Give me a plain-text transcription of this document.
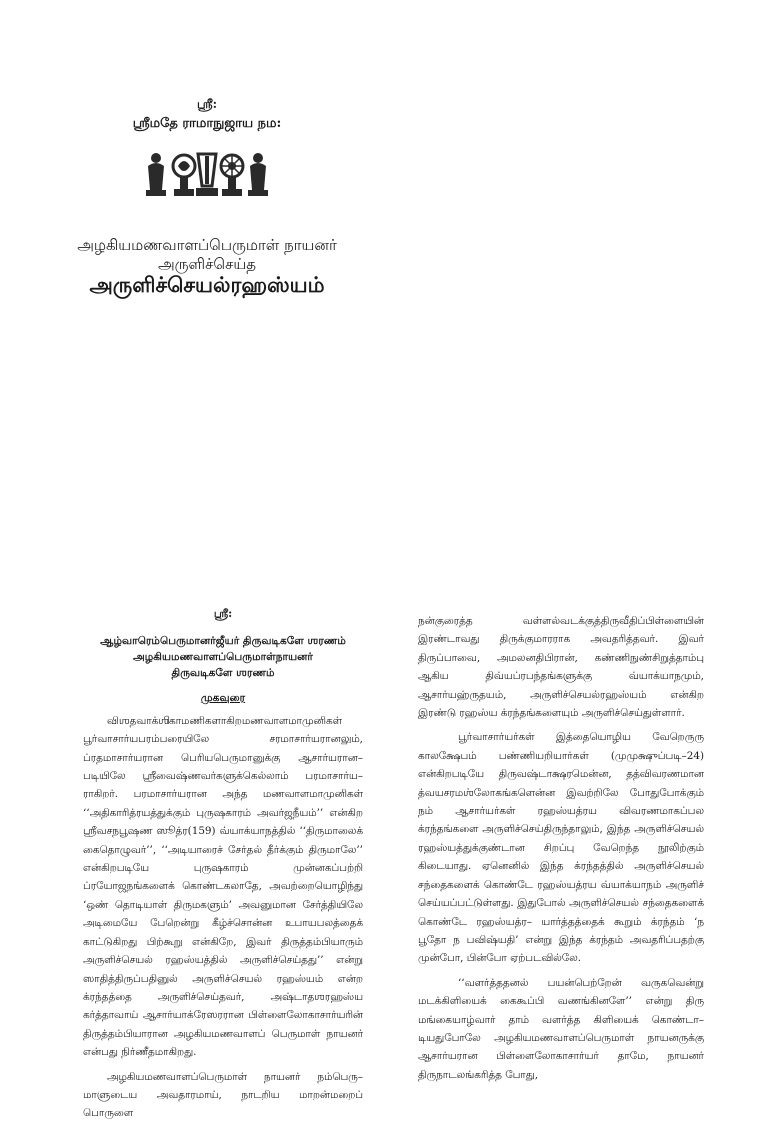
ஸ்ரீ:
ஸ்ரீமதே ராமாநுஜாய நம:
அழகியமணவாளப்பெருமாள் நாயனர்
அருளிச்செய்த
அருளிச்செயல்ரஹஸ்யம்
ஸ்ரீ:
ஆழ்வாரெம்பெருமானர்ஜீயர் திருவடிகளே ஶரணம்
அழகியமணவாளப்பெருமாள்நாயனர்
திருவடிகளே ஶரணம்
முகவுரை

விஶதவாக்ஶிகாமணிகளாகிறமணவாளமாமுனிகள் பூர்வாசார்யபரம்பரையிலே சரமாசார்யரானலும், ப்ரதமாசார்யரான பெரியபெருமானுக்கு ஆசார்யரான–படியிலே ஸ்ரீவைஷ்ணவர்களுக்கெல்லாம் பரமாசார்ய–ராகிறர். பரமாசார்யரான அந்த மணவாளமாமுனிகள் ‘‘அதிகாரித்ரயத்துக்கும் புருஷகாரம் அவர்ஜநீயம்’’ என்கிற ஸ்ரீவசநபூஷண ஸூத்ர(159) வ்யாக்யாநத்தில் ‘‘திருமாலைக் கைதொழுவர்’’, ‘‘அடியாரைச் சேர்தல் தீர்க்கும் திருமாலே’’ என்கிறபடியே புருஷகாரம் முன்னகப்பற்றி ப்ரயோஜநங்களைக் கொண்டகலாதே, அவற்றையொழிந்து ‘ஒண் தொடியாள் திருமகளும்’ அவனுமான சேர்த்தியிலே அடிமையே பேறென்று கீழ்ச்சொன்ன உபாயபலத்தைக் காட்டுகிறது பிற்கூறு என்கிறே, இவர் திருத்தம்பியாரும் அருளிச்செயல் ரஹஸ்யத்தில் அருளிச்செய்தது’’ என்று ஸாதித்திருப்பதினுல் அருளிச்செயல் ரஹஸ்யம் என்ற க்ரந்தத்தை அருளிச்செய்தவர், அஷ்டாதஶரஹஸ்ய கர்த்தாவாய் ஆசார்யாக்ரேஸரரான பிள்ளைலோகாசார்யரின் திருத்தம்பியாரான அழகியமணவாளப் பெருமாள் நாயனர் என்பது நிர்ணீதமாகிறது.

அழகியமணவாளப்பெருமாள் நாயனர் நம்பெரு–மாளுடைய அவதாரமாய், நாடறிய மாறன்மறைப் பொருளை

நன்குரைத்த வள்ளல்வடக்குத்திருவீதிப்பிள்ளையின் இரண்டாவது திருக்குமாரராக அவதரித்தவர். இவர் திருப்பாவை, அமலனதிபிரான், கண்ணிநுண்சிறுத்தாம்பு ஆகிய திவ்யப்ரபந்தங்களுக்கு வ்யாக்யாநமும், ஆசார்யஹ்ருதயம், அருளிச்செயல்ரஹஸ்யம் என்கிற இரண்டு ரஹஸ்ய க்ரந்தங்களையும் அருளிச்செய்துள்ளார்.

பூர்வாசார்யர்கள் இத்தையொழிய வேறெருரு காலக்ஷேபம் பண்ணியறியார்கள் (முமுக்ஷுப்படி–24) என்கிறபடியே திருவஷ்டாக்ஷரமென்ன, தத்விவரணமான த்வயசரமஶ்லோகங்களென்ன இவற்றிலே போதுபோக்கும் நம் ஆசார்யர்கள் ரஹஸ்யத்ரய விவரணமாகப்பல க்ரந்தங்களை அருளிச்செய்திருந்தாலும், இந்த அருளிச்செயல் ரஹஸ்யத்துக்குண்டான சிறப்பு வேறெந்த நூலிற்கும் கிடையாது. ஏனெனில் இந்த க்ரந்தத்தில் அருளிச்செயல் சந்தைகளைக் கொண்டே ரஹஸ்யத்ரய வ்யாக்யாநம் அருளிச் செய்யப்பட்டுள்ளது. இதுபோல் அருளிச்செயல் சந்தைகளைக் கொண்டே ரஹஸ்யத்ர– யார்த்தத்தைக் கூறும் க்ரந்தம் ‘ந பூதோ ந பவிஷ்யதி’ என்று இந்த க்ரந்தம் அவதரிப்பதற்கு முன்போ, பின்போ ஏற்படவில்லே.

‘‘வளர்த்ததனல் பயன்பெற்றேன் வருகவென்று மடக்கிளியைக் கைகூப்பி வணங்கினளே’’ என்று திரு மங்கையாழ்வார் தாம் வளர்த்த கிளியைக் கொண்டா–டியதுபோலே அழகியமணவாளப்பெருமாள் நாயனருக்கு ஆசார்யரான பிள்ளைலோகாசார்யர் தாமே, நாயனர் திருநாடலங்கரித்த போது,
